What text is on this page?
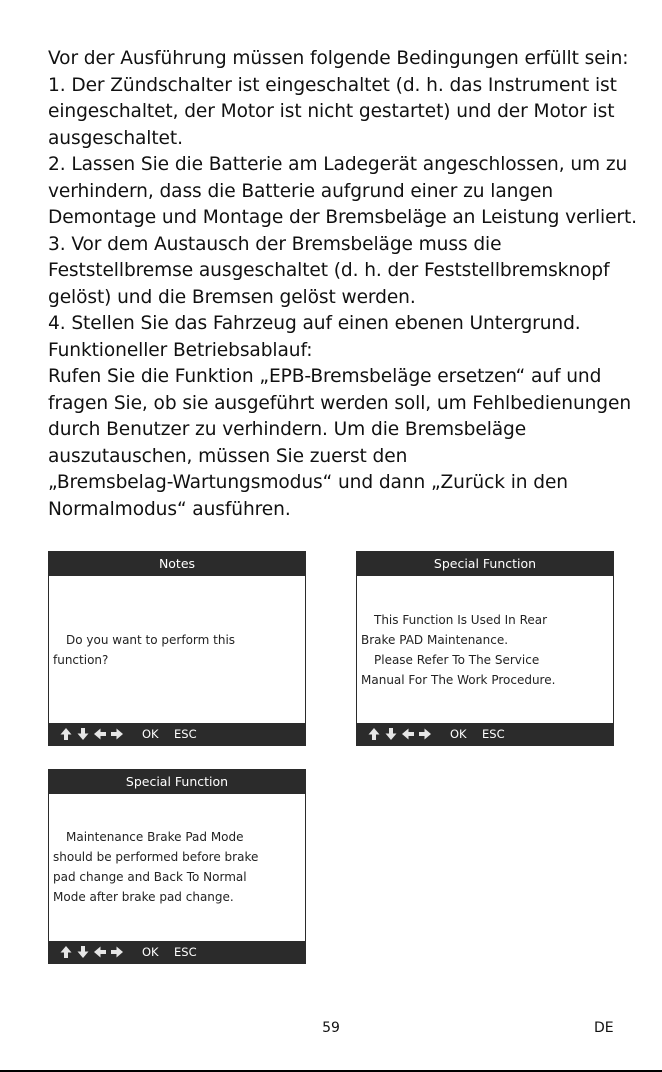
Vor der Ausführung müssen folgende Bedingungen erfüllt sein:

1. Der Zündschalter ist eingeschaltet (d. h. das Instrument ist

eingeschaltet, der Motor ist nicht gestartet) und der Motor ist

ausgeschaltet.

2. Lassen Sie die Batterie am Ladegerät angeschlossen, um zu

verhindern, dass die Batterie aufgrund einer zu langen

Demontage und Montage der Bremsbeläge an Leistung verliert.

3. Vor dem Austausch der Bremsbeläge muss die

Feststellbremse ausgeschaltet (d. h. der Feststellbremsknopf

gelöst) und die Bremsen gelöst werden.

4. Stellen Sie das Fahrzeug auf einen ebenen Untergrund.

Funktioneller Betriebsablauf:

Rufen Sie die Funktion „EPB-Bremsbeläge ersetzen“ auf und

fragen Sie, ob sie ausgeführt werden soll, um Fehlbedienungen

durch Benutzer zu verhindern. Um die Bremsbeläge

auszutauschen, müssen Sie zuerst den

„Bremsbelag-Wartungsmodus“ und dann „Zurück in den

Normalmodus“ ausführen.

Notes
Do you want to perform this
function?
OK ESC
Special Function
This Function Is Used In Rear
Brake PAD Maintenance.
Please Refer To The Service
Manual For The Work Procedure.
OK ESC
Special Function
Maintenance Brake Pad Mode
should be performed before brake
pad change and Back To Normal
Mode after brake pad change.
OK ESC
59	DE
